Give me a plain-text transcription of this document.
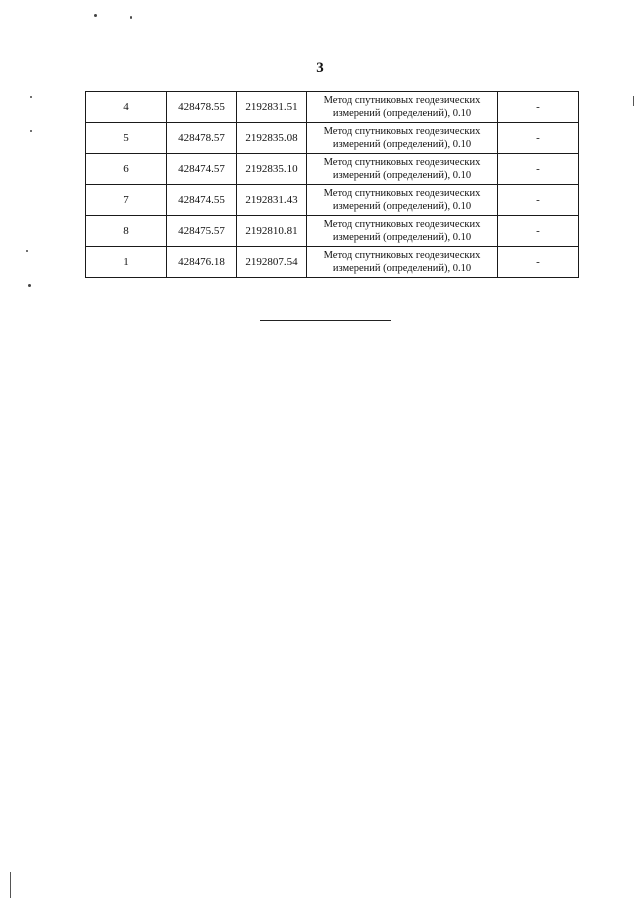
3
4	428478.55	2192831.51	Метод спутниковых геодезических
измерений (определений), 0.10	-
5	428478.57	2192835.08	Метод спутниковых геодезических
измерений (определений), 0.10	-
6	428474.57	2192835.10	Метод спутниковых геодезических
измерений (определений), 0.10	-
7	428474.55	2192831.43	Метод спутниковых геодезических
измерений (определений), 0.10	-
8	428475.57	2192810.81	Метод спутниковых геодезических
измерений (определений), 0.10	-
1	428476.18	2192807.54	Метод спутниковых геодезических
измерений (определений), 0.10	-
